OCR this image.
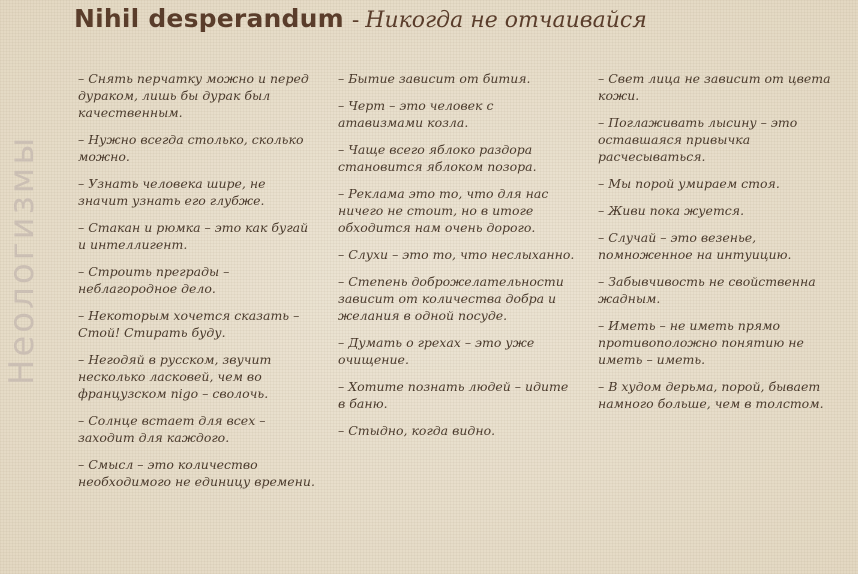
Nihil desperandum - Никогда не отчаивайся
Неологизмы
– Снять перчатку можно и перед дураком, лишь бы дурак был качественным.
– Нужно всегда столько, сколько можно.
– Узнать человека шире, не значит узнать его глубже.
– Стакан и рюмка – это как бугай и интеллигент.
– Строить преграды – неблагородное дело.
– Некоторым хочется сказать – Стой! Стирать буду.
– Негодяй в русском, звучит несколько ласковей, чем во французском nigo – сволочь.
– Солнце встает для всех – заходит для каждого.
– Смысл – это количество необходимого не единицу времени.
– Бытие зависит от бития.
– Черт – это человек с атавизмами козла.
– Чаще всего яблоко раздора становится яблоком позора.
– Реклама это то, что для нас ничего не стоит, но в итоге обходится нам очень дорого.
– Слухи – это то, что неслыханно.
– Степень доброжелательности зависит от количества добра и желания в одной посуде.
– Думать о грехах – это уже очищение.
– Хотите познать людей – идите в баню.
– Стыдно, когда видно.
– Свет лица не зависит от цвета кожи.
– Поглаживать лысину – это оставшаяся привычка расчесываться.
– Мы порой умираем стоя.
– Живи пока жуется.
– Случай – это везенье, помноженное на интуицию.
– Забывчивость не свойственна жадным.
– Иметь – не иметь прямо противоположно понятию не иметь – иметь.
– В худом дерьма, порой, бывает намного больше, чем в толстом.
